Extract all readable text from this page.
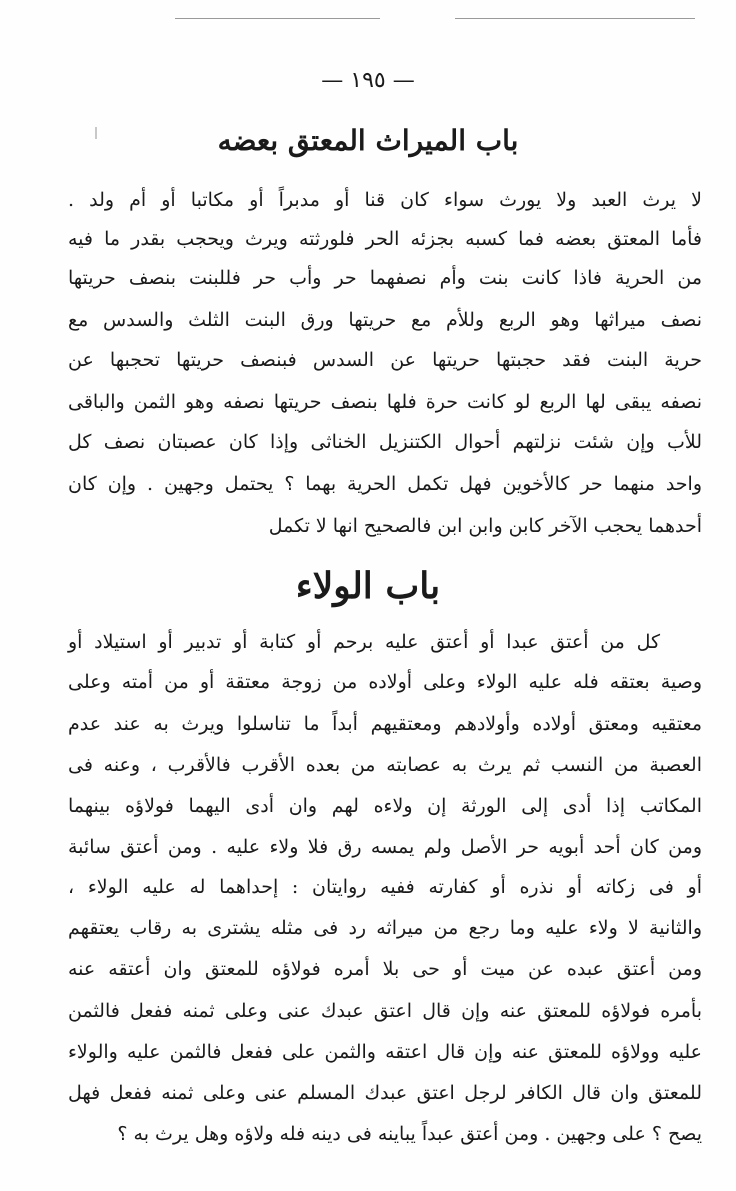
— ١٩٥ —
باب الميراث المعتق بعضه
لا يرث العبد ولا يورث سواء كان قنا أو مدبراً أو مكاتبا أو أم ولد .
فأما المعتق بعضه فما كسبه بجزئه الحر فلورثته ويرث ويحجب بقدر ما فيه
من الحرية فاذا كانت بنت وأم نصفهما حر وأب حر فللبنت بنصف حريتها
نصف ميراثها وهو الربع وللأم مع حريتها ورق البنت الثلث والسدس مع
حرية البنت فقد حجبتها حريتها عن السدس فبنصف حريتها تحجبها عن
نصفه يبقى لها الربع لو كانت حرة فلها بنصف حريتها نصفه وهو الثمن والباقى
للأب وإن شئت نزلتهم أحوال الكتنزيل الخناثى وإذا كان عصبتان نصف كل
واحد منهما حر كالأخوين فهل تكمل الحرية بهما ؟ يحتمل وجهين . وإن كان
أحدهما يحجب الآخر كابن وابن ابن فالصحيح انها لا تكمل
باب الولاء
كل من أعتق عبدا أو أعتق عليه برحم أو كتابة أو تدبير أو استيلاد أو
وصية بعتقه فله عليه الولاء وعلى أولاده من زوجة معتقة أو من أمته وعلى
معتقيه ومعتق أولاده وأولادهم ومعتقيهم أبداً ما تناسلوا ويرث به عند عدم
العصبة من النسب ثم يرث به عصابته من بعده الأقرب فالأقرب ، وعنه فى
المكاتب إذا أدى إلى الورثة إن ولاءه لهم وان أدى اليهما فولاؤه بينهما
ومن كان أحد أبويه حر الأصل ولم يمسه رق فلا ولاء عليه . ومن أعتق سائبة
أو فى زكاته أو نذره أو كفارته ففيه روايتان : إحداهما له عليه الولاء ،
والثانية لا ولاء عليه وما رجع من ميراثه رد فى مثله يشترى به رقاب يعتقهم
ومن أعتق عبده عن ميت أو حى بلا أمره فولاؤه للمعتق وان أعتقه عنه
بأمره فولاؤه للمعتق عنه وإن قال اعتق عبدك عنى وعلى ثمنه ففعل فالثمن
عليه وولاؤه للمعتق عنه وإن قال اعتقه والثمن على ففعل فالثمن عليه والولاء
للمعتق وان قال الكافر لرجل اعتق عبدك المسلم عنى وعلى ثمنه ففعل فهل
يصح ؟ على وجهين . ومن أعتق عبداً يباينه فى دينه فله ولاؤه وهل يرث به ؟
